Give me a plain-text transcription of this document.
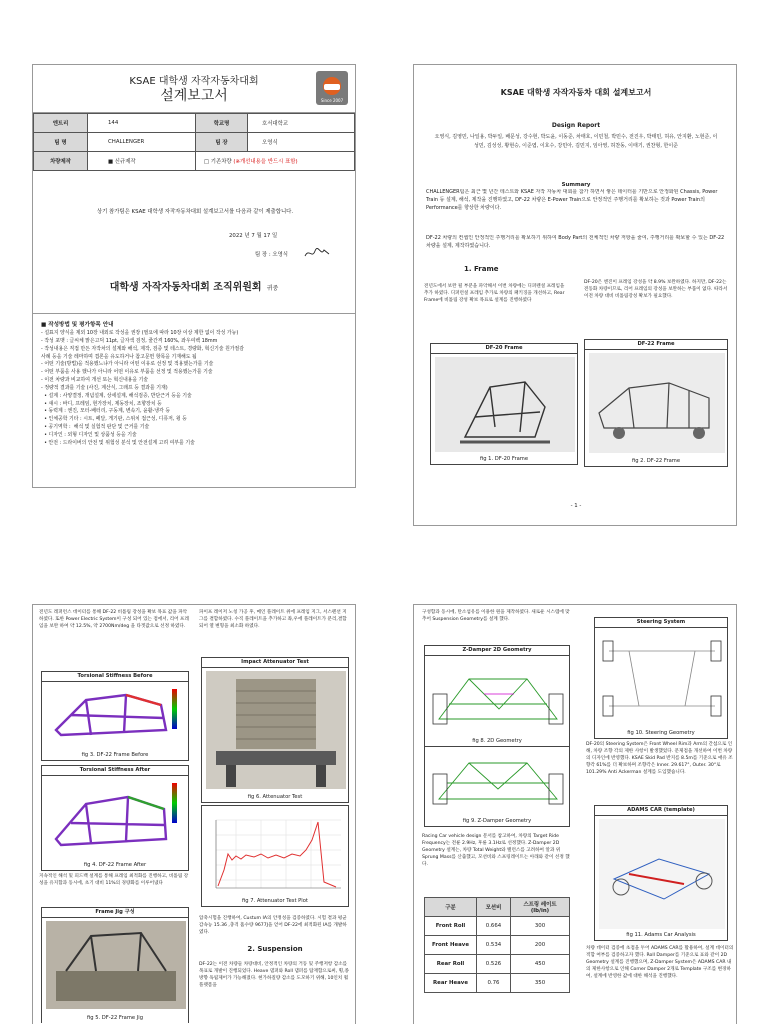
KSAE 대학생 자작자동차대회
설계보고서	Since 2007
엔트리	144	학교명	호서대학교
팀 명	CHALLENGER	팀 장	오영식
차량제작	■ 신규제작	□ 기존차량 (※개선내용을 반드시 표함)	
상기 참가팀은 KSAE 대학생 자작자동차대회 설계보고서를 다음과 같이 제출합니다.
2022 년 7 월 17 일
팀 장 : 오영식
대학생 자작자동차대회 조직위원회 귀중
■ 작성방법 및 평가항목 안내
- 설표지 양식을 제외 10장 내외로 작성을 권장 (필요에 따라 10장 이상 제한 없이 작성 가능)
- 작성 포맷 : 글씨체 맑은고딕 11pt, 글자색 검정, 줄간격 160%, 좌우여백 18mm
- 작성내용은 직접 만든 자작차의 설계와 해석, 제작, 검증 및 테스트, 경량화, 혁신기술 원가절감
사례 등을 기술 레마하며 겹론을 유도하거나 참고문헌 항목을 기재해도 됨
- 어떤 기술(방법)을 적용했느냐가 아니라 어떤 이유로 선정 및 적용했는가를 기술
- 어떤 부품을 사용 했나가 아니라 어떤 이유로 부품을 선정 및 적용했는가를 기술
- 이전 차량과 비교하여 개선 또는 혁신내용을 기술
- 정량적 결과를 기술 (사진, 계산식, 그래프 등 결과를 기재)
• 설계 : 사양결정, 개념설계, 상세설계, 해석검증, 반단근거 등을 기술
• 섀시 : 바디, 프레임, 현가장치, 제동장치, 조향장치 등
• 동력계 : 엔진, 모터-배터리, 구동계, 변속기, 윤활-냉각 등
• 인체공학 기타 : 시트, 페달, 게기판, 스위치 접근성, 디퓨저, 윙 등
• 공기역학 :  해석 및 실험적 판단 및 근거를 기술
• 디자인 : 외형 디자인 및 상품성 등을 기술
• 안전 : 드라이버의 안전 및 위험성 분석 및 안전설계 고려 여부를 기술
KSAE 대학생 자작자동차 대회 설계보고서
Design Report
오영식, 김영민, 나일용, 박두일, 배문성, 강수현, 박도윤, 이동준, 차태호, 이민철, 박민수, 전진우, 박태민, 허유, 안지환, 노현준, 이성민, 김성성, 황현승, 이준엽, 이호수, 강민아, 김민지, 임아영, 허찬동, 이태기, 권찬형, 한이준
Summary
CHALLENGER팀은 최근 몇 년간 테스트와 KSAE 자작 자동차 대회를 참가 하면서 쌓은 데이터를 기반으로 안정화된 Chassis, Power Train 등 설계, 해석, 제작을 진행하였고, DF-22 차량은 E-Power Train으로 안정적인 주행거리를 확보하는 것과 Power Train의 Performance를 향상한 차량이다.
DF-22 차량의 컨셉인 안정적인 주행거리를 확보하기 위하여 Body Part의 전체적인 차량 저항을 줄여, 주행거리를 확보할 수 있는 DF-22 차량을 설계, 제작하였습니다.
1. Frame
전년도에서 보완 될 부분을 파악해서 이번 차량에는 디퍼렌셜 프레임을 추가 하였다. 디퍼런셜 프레임 추가로 차량의 패키징을 개선하고, Rear Frame에 비틀림 강성 확보 목표로 설계를 진행하였다
DF-20은 엔진이 프레임 강성을 약 8.9% 보완하였다. 하지만, DF-22는 전동화 차량이므로, 리어 프레임의 강성을 보완하는 부품이 없다. 따라서 이전 차량 대비 비틀림강성 확보가 필요했다.
DF-20 Frame
fig 1. DF-20 Frame
DF-22 Frame
fig 2. DF-22 Frame
- 1 -
전년도 레퍼런스 데이터를 통해 DF-22 비틀림 강성을 확보 목표 값을 파악하였다. 또한 Power Electric System이 구성 되어 있는 점에서, 리어 프레임을 보완 하여 약 12.5%, 약 2700Nm/deg 을 타겟값으로 선정 하였다.
Torsional Stiffness Before
fig 3. DF-22 Frame Before
Torsional Stiffness After
fig 4. DF-22 Frame After
지속적인 해석 및 피드백 설계를 통해 프레임 최적화를 진행하고, 비틀림 강성을 유지함과 동시에, 초기 대비 11%의 경량화를 이루어냈다
Frame Jig 구성
fig 5. DF-22 Frame Jig
파이프 레이저 노칭 가공 후, 메인 플레이트 위에 프레임 지그, 서스펜션 지그를 결합하였다. 수직 플레이트을 추가하고 좌,우에 플레이트가 분리,결합 되어 열 변형을 최소화 하였다.
Impact Attenuator Test
fig 6. Attenuator Test
fig 7. Attenuator Test Plot
압축시험을 진행하여, Custum IA의 안정성을 검증하였다. 시험 결과 평균 감속능 15.36 ,충격 흡수량 9677J을 얻어 DF-22에 최적화된 IA를 개발하였다.
2. Suspension
DF-22는 이전 차량들 차량대비, 안정적인 차량의 거동 및 주행저항 감소를 목표로 개발이 진행되었다. Heave 댐퍼와 Roll 댐퍼를 탑재함으로써, 횡,종방향 독립제어가 가능해졌다. 현가하질량 감소를 도모하기 위해, 10인치 휠 플랫폼을
구성함과 동시에, 탄소섬유를 이용한 원을 제작하였다. 새로운 시스템에 맞추어 Suspension Geometry를 설계 했다.
Z-Damper 2D Geometry
fig 8. 2D Geometry
fig 9. Z-Damper Geometry
Racing Car vehicle design 문서를 참고하여, 차량의 Target Ride Frequency는 전륜 2.9Hz, 후륜 3.1Hz로 선정했다. Z-Damper 2D Geometry 설계는, 차량 Total Weight와 밸런스를 고려하여 알과 위 Sprung Mass를 산출했고, 모션비와 스프링레이트는 아래와 같이 선정 했다.
구분	모션비	스프링 레이트 (lb/in)
Front Roll	0.664	300
Front Heave	0.534	200
Rear Roll	0.526	450
Rear Heave	0.76	350
Steering System
fig 10. Steering Geometry
DF-20의 Steering System은 Front Wheel Rim과 Arm의 간섭으로 인해, 차량 조향 각의 제한 사항이 발생했었다. 문제점을 개선하여 이번 차량의 디자인에 반영했다. KSAE Skid Pad 반지름 8.5m를 기준으로 애유 조향각 61%를 더 확보하며 조향각은 Inner. 29.617°, Outer. 30°로 101.29% Anti Ackerman 설계를 도입했습니다.
ADAMS CAR (template)
fig 11. Adams Car Analysis
차량 데이터 검증에 초점을 두어 ADAMS CAR를 활용하여, 설계 데이터의 적합 여부를 검증하고자 했다. Roll Damper를 기준으로 표와 같이 2D Geometry 설계를 진행했으며, Z-Damper System은 ADAMS CAR 내의 제한사항으로 인해 Corner Damper 2개로 Template 구조를 변경하여, 설계에 반영한 값에 대한 해석을 진행했다.
